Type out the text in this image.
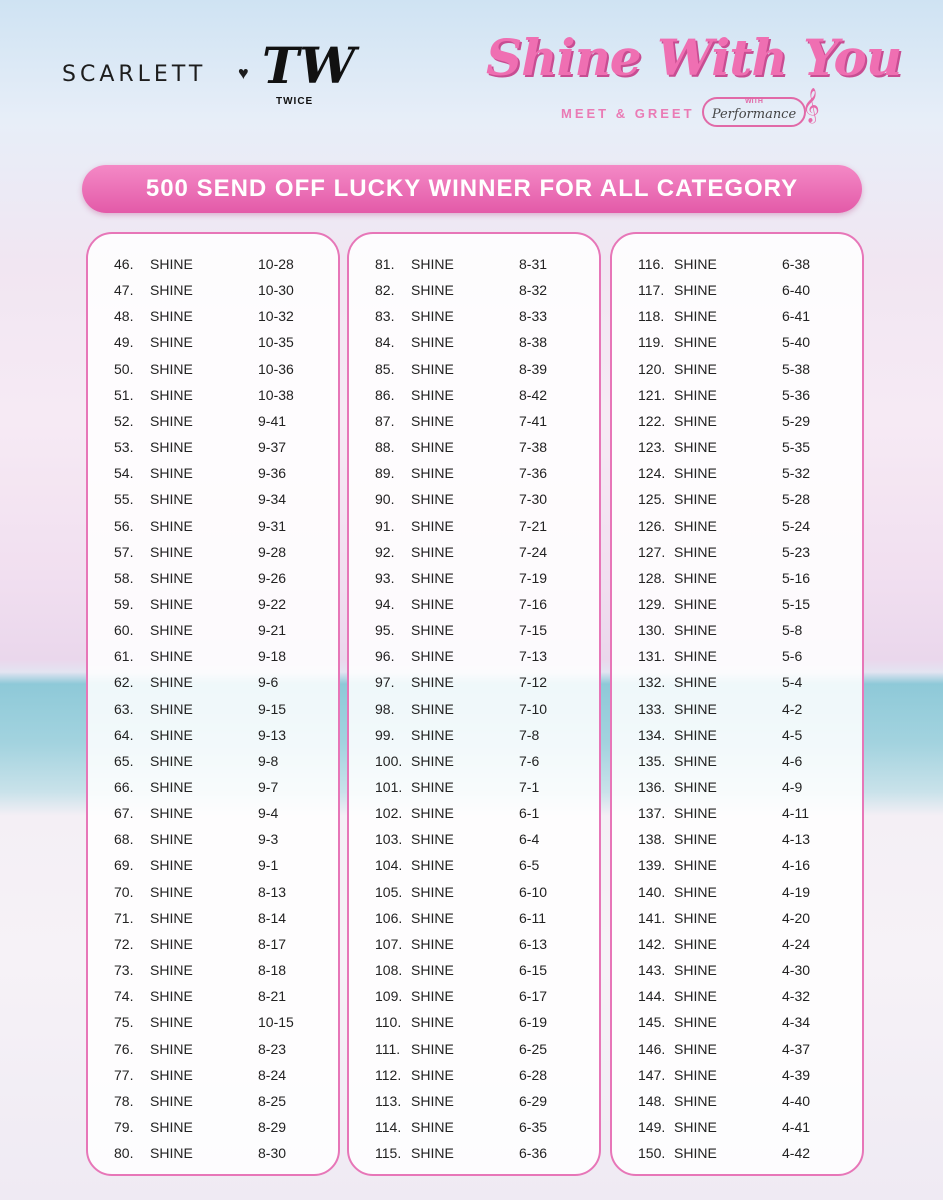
SCARLETT ♥ TW
TWICE
Shine With You
MEET & GREET
WITH
Performance 𝄞
500 SEND OFF LUCKY WINNER FOR ALL CATEGORY
46. SHINE	10-28
47. SHINE	10-30
48. SHINE	10-32
49. SHINE	10-35
50. SHINE	10-36
51. SHINE	10-38
52. SHINE	9-41
53. SHINE	9-37
54. SHINE	9-36
55. SHINE	9-34
56. SHINE	9-31
57. SHINE	9-28
58. SHINE	9-26
59. SHINE	9-22
60. SHINE	9-21
61. SHINE	9-18
62. SHINE	9-6
63. SHINE	9-15
64. SHINE	9-13
65. SHINE	9-8
66. SHINE	9-7
67. SHINE	9-4
68. SHINE	9-3
69. SHINE	9-1
70. SHINE	8-13
71. SHINE	8-14
72. SHINE	8-17
73. SHINE	8-18
74. SHINE	8-21
75. SHINE	10-15
76. SHINE	8-23
77. SHINE	8-24
78. SHINE	8-25
79. SHINE	8-29
80. SHINE	8-30
81. SHINE	8-31
82. SHINE	8-32
83. SHINE	8-33
84. SHINE	8-38
85. SHINE	8-39
86. SHINE	8-42
87. SHINE	7-41
88. SHINE	7-38
89. SHINE	7-36
90. SHINE	7-30
91. SHINE	7-21
92. SHINE	7-24
93. SHINE	7-19
94. SHINE	7-16
95. SHINE	7-15
96. SHINE	7-13
97. SHINE	7-12
98. SHINE	7-10
99. SHINE	7-8
100. SHINE	7-6
101. SHINE	7-1
102. SHINE	6-1
103. SHINE	6-4
104. SHINE	6-5
105. SHINE	6-10
106. SHINE	6-11
107. SHINE	6-13
108. SHINE	6-15
109. SHINE	6-17
110. SHINE	6-19
111. SHINE	6-25
112. SHINE	6-28
113. SHINE	6-29
114. SHINE	6-35
115. SHINE	6-36
116. SHINE	6-38
117. SHINE	6-40
118. SHINE	6-41
119. SHINE	5-40
120. SHINE	5-38
121. SHINE	5-36
122. SHINE	5-29
123. SHINE	5-35
124. SHINE	5-32
125. SHINE	5-28
126. SHINE	5-24
127. SHINE	5-23
128. SHINE	5-16
129. SHINE	5-15
130. SHINE	5-8
131. SHINE	5-6
132. SHINE	5-4
133. SHINE	4-2
134. SHINE	4-5
135. SHINE	4-6
136. SHINE	4-9
137. SHINE	4-11
138. SHINE	4-13
139. SHINE	4-16
140. SHINE	4-19
141. SHINE	4-20
142. SHINE	4-24
143. SHINE	4-30
144. SHINE	4-32
145. SHINE	4-34
146. SHINE	4-37
147. SHINE	4-39
148. SHINE	4-40
149. SHINE	4-41
150. SHINE	4-42
